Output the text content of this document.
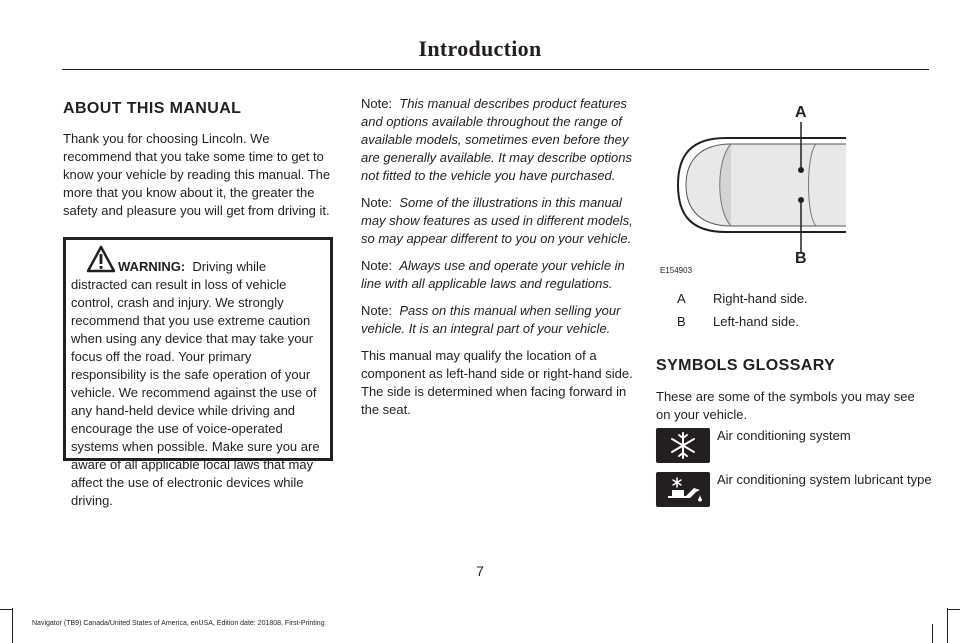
Introduction
ABOUT THIS MANUAL
Thank you for choosing Lincoln. We recommend that you take some time to get to know your vehicle by reading this manual. The more that you know about it, the greater the safety and pleasure you will get from driving it.
WARNING: Driving while distracted can result in loss of vehicle control, crash and injury. We strongly recommend that you use extreme caution when using any device that may take your focus off the road. Your primary responsibility is the safe operation of your vehicle. We recommend against the use of any hand-held device while driving and encourage the use of voice-operated systems when possible. Make sure you are aware of all applicable local laws that may affect the use of electronic devices while driving.

Note: This manual describes product features and options available throughout the range of available models, sometimes even before they are generally available. It may describe options not fitted to the vehicle you have purchased.

Note: Some of the illustrations in this manual may show features as used in different models, so may appear different to you on your vehicle.

Note: Always use and operate your vehicle in line with all applicable laws and regulations.

Note: Pass on this manual when selling your vehicle. It is an integral part of your vehicle.

This manual may qualify the location of a component as left-hand side or right-hand side. The side is determined when facing forward in the seat.

A
B
E154903
A Right-hand side.
B Left-hand side.
SYMBOLS GLOSSARY
These are some of the symbols you may see on your vehicle.
Air conditioning system
Air conditioning system lubricant type
7
Navigator (TB9) Canada/United States of America, enUSA, Edition date: 201808, First-Printing
